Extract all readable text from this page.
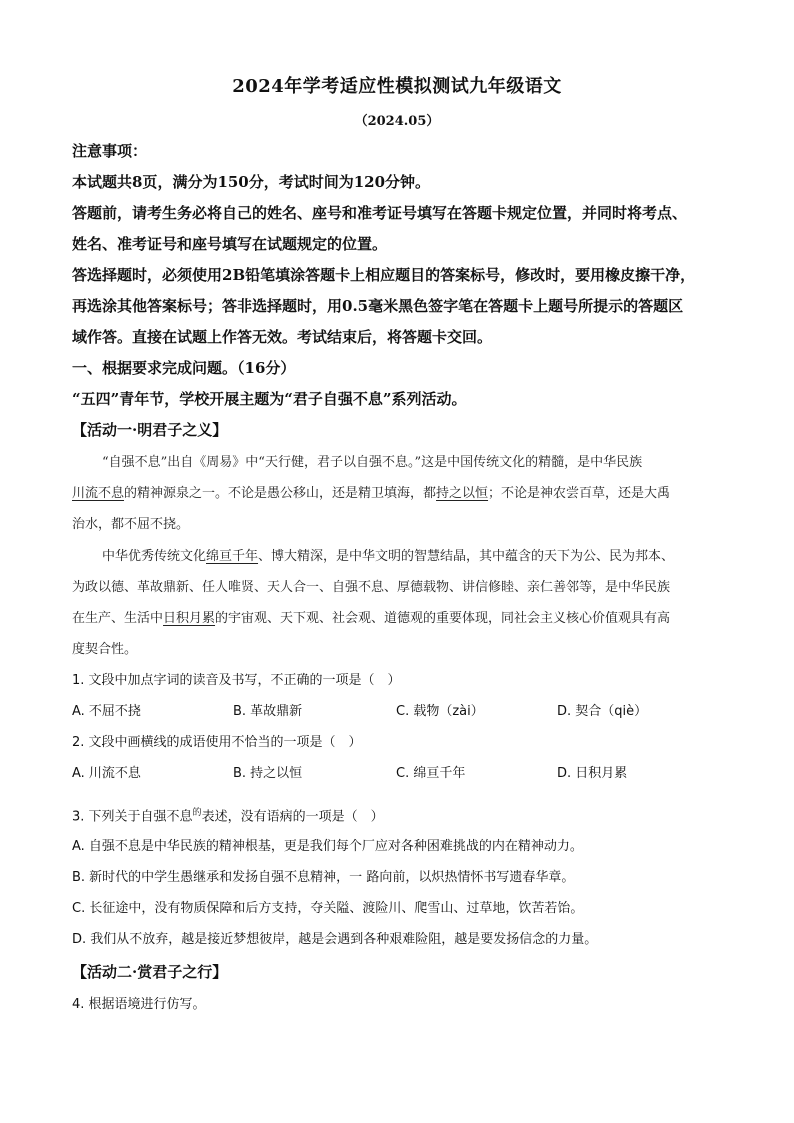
2024年学考适应性模拟测试九年级语文
（2024.05）
注意事项：
本试题共8页，满分为150分，考试时间为120分钟。
答题前，请考生务必将自己的姓名、座号和准考证号填写在答题卡规定位置，并同时将考点、
姓名、准考证号和座号填写在试题规定的位置。
答选择题时，必须使用2B铅笔填涂答题卡上相应题目的答案标号，修改时，要用橡皮擦干净，
再选涂其他答案标号；答非选择题时，用0.5毫米黑色签字笔在答题卡上题号所提示的答题区
域作答。直接在试题上作答无效。考试结束后，将答题卡交回。
一、根据要求完成问题。（16分）
“五四”青年节，学校开展主题为“君子自强不息”系列活动。
【活动一·明君子之义】
“自强不息”出自《周易》中“天行健，君子以自强不息。”这是中国传统文化的精髓，是中华民族
川流不息的精神源泉之一。不论是愚公移山，还是精卫填海，都持之以恒；不论是神农尝百草，还是大禹
治水，都不屈不挠。
中华优秀传统文化绵亘千年、博大精深，是中华文明的智慧结晶，其中蕴含的天下为公、民为邦本、
为政以德、革故鼎新、任人唯贤、天人合一、自强不息、厚德载物、讲信修睦、亲仁善邻等，是中华民族
在生产、生活中日积月累的宇宙观、天下观、社会观、道德观的重要体现，同社会主义核心价值观具有高
度契合性。
1. 文段中加点字词的读音及书写，不正确的一项是（　）
A. 不屈不挠	B. 革故鼎新	C. 载物（zài）	D. 契合（qiè）
2. 文段中画横线的成语使用不恰当的一项是（　）
A. 川流不息	B. 持之以恒	C. 绵亘千年	D. 日积月累
3. 下列关于自强不息$^的$表述，没有语病的一项是（　）
A. 自强不息是中华民族的精神根基，更是我们每个厂应对各种困难挑战的内在精神动力。
B. 新时代的中学生愚继承和发扬自强不息精神，一 路向前，以炽热情怀书写遗春华章。
C. 长征途中，没有物质保障和后方支持，夺关隘、渡险川、爬雪山、过草地，饮苦若饴。
D. 我们从不放弃，越是接近梦想彼岸，越是会遇到各种艰难险阻，越是要发扬信念的力量。
【活动二·赏君子之行】
4. 根据语境进行仿写。
